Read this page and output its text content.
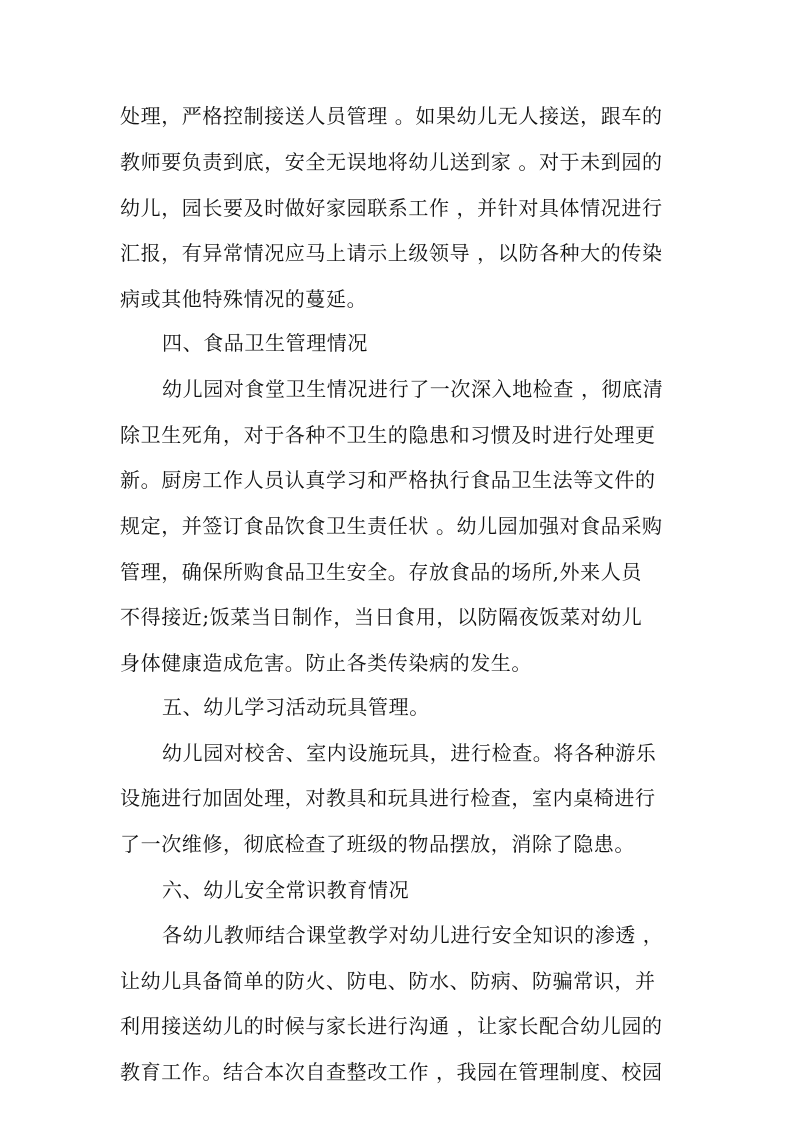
处理，严格控制接送人员管理 。如果幼儿无人接送，跟车的
教师要负责到底，安全无误地将幼儿送到家 。对于未到园的
幼儿，园长要及时做好家园联系工作 ，并针对具体情况进行
汇报，有异常情况应马上请示上级领导 ，以防各种大的传染
病或其他特殊情况的蔓延。
四、食品卫生管理情况
幼儿园对食堂卫生情况进行了一次深入地检查 ，彻底清
除卫生死角，对于各种不卫生的隐患和习惯及时进行处理更
新。厨房工作人员认真学习和严格执行食品卫生法等文件的
规定，并签订食品饮食卫生责任状 。幼儿园加强对食品采购
管理，确保所购食品卫生安全。存放食品的场所,外来人员
不得接近;饭菜当日制作，当日食用，以防隔夜饭菜对幼儿
身体健康造成危害。防止各类传染病的发生。
五、幼儿学习活动玩具管理。
幼儿园对校舍、室内设施玩具，进行检查。将各种游乐
设施进行加固处理，对教具和玩具进行检查，室内桌椅进行
了一次维修，彻底检查了班级的物品摆放，消除了隐患。
六、幼儿安全常识教育情况
各幼儿教师结合课堂教学对幼儿进行安全知识的渗透 ，
让幼儿具备简单的防火、防电、防水、防病、防骗常识，并
利用接送幼儿的时候与家长进行沟通 ，让家长配合幼儿园的
教育工作。结合本次自查整改工作 ，我园在管理制度、校园
